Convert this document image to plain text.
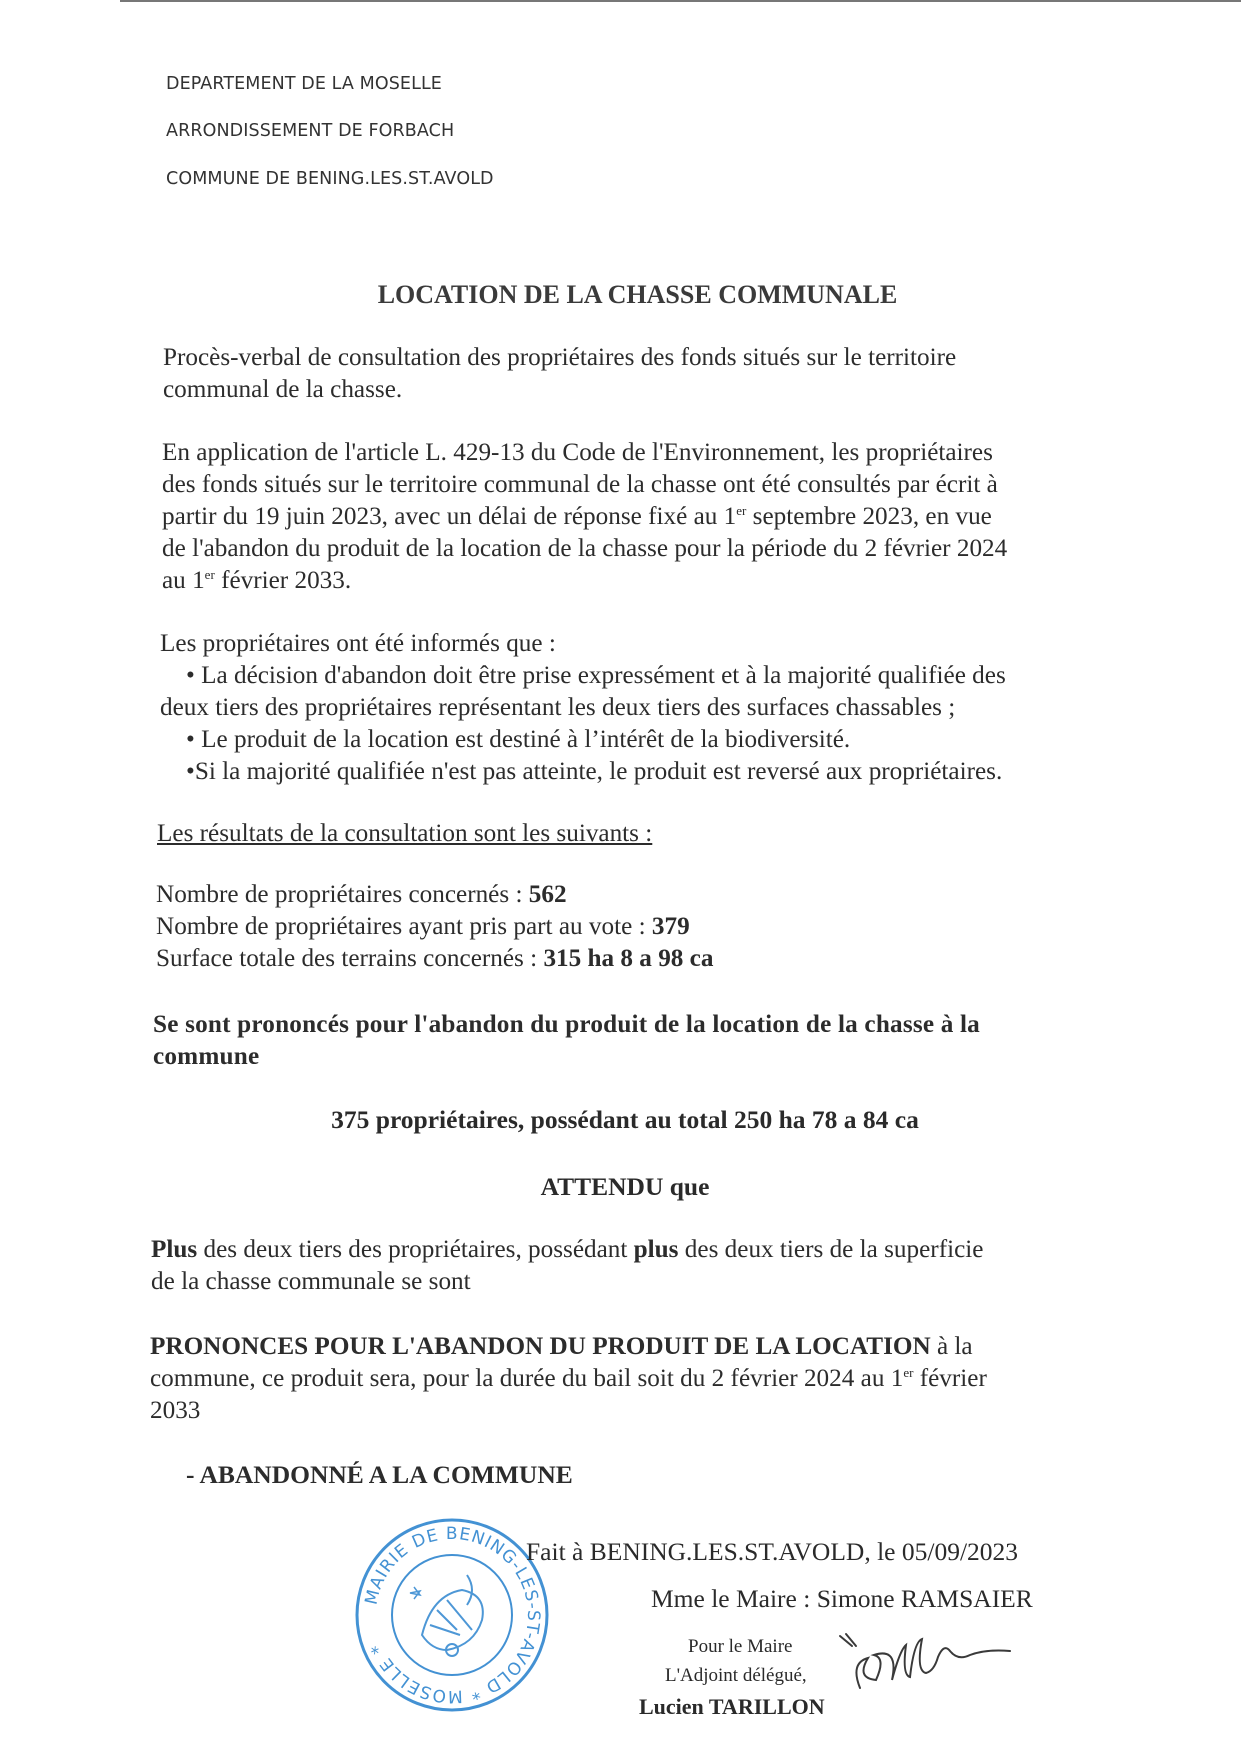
DEPARTEMENT DE LA MOSELLE
ARRONDISSEMENT DE FORBACH
COMMUNE DE BENING.LES.ST.AVOLD
LOCATION DE LA CHASSE COMMUNALE
Procès-verbal de consultation des propriétaires des fonds situés sur le territoire
communal de la chasse.
En application de l'article L. 429-13 du Code de l'Environnement, les propriétaires
des fonds situés sur le territoire communal de la chasse ont été consultés par écrit à
partir du 19 juin 2023, avec un délai de réponse fixé au 1er septembre 2023, en vue
de l'abandon du produit de la location de la chasse pour la période du 2 février 2024
au 1er février 2033.
Les propriétaires ont été informés que :
• La décision d'abandon doit être prise expressément et à la majorité qualifiée des
deux tiers des propriétaires représentant les deux tiers des surfaces chassables ;
• Le produit de la location est destiné à l’intérêt de la biodiversité.
•Si la majorité qualifiée n'est pas atteinte, le produit est reversé aux propriétaires.
Les résultats de la consultation sont les suivants :
Nombre de propriétaires concernés : 562
Nombre de propriétaires ayant pris part au vote : 379
Surface totale des terrains concernés : 315 ha 8 a 98 ca
Se sont prononcés pour l'abandon du produit de la location de la chasse à la
commune
375 propriétaires, possédant au total 250 ha 78 a 84 ca
ATTENDU que
Plus des deux tiers des propriétaires, possédant plus des deux tiers de la superficie
de la chasse communale se sont
PRONONCES POUR L'ABANDON DU PRODUIT DE LA LOCATION à la
commune, ce produit sera, pour la durée du bail soit du 2 février 2024 au 1er février
2033
- ABANDONNÉ A LA COMMUNE
MAIRIE DE BENING-LES-ST-AVOLD * MOSELLE *
Fait à BENING.LES.ST.AVOLD, le 05/09/2023
Mme le Maire : Simone RAMSAIER
Pour le Maire
L'Adjoint délégué,
Lucien TARILLON
